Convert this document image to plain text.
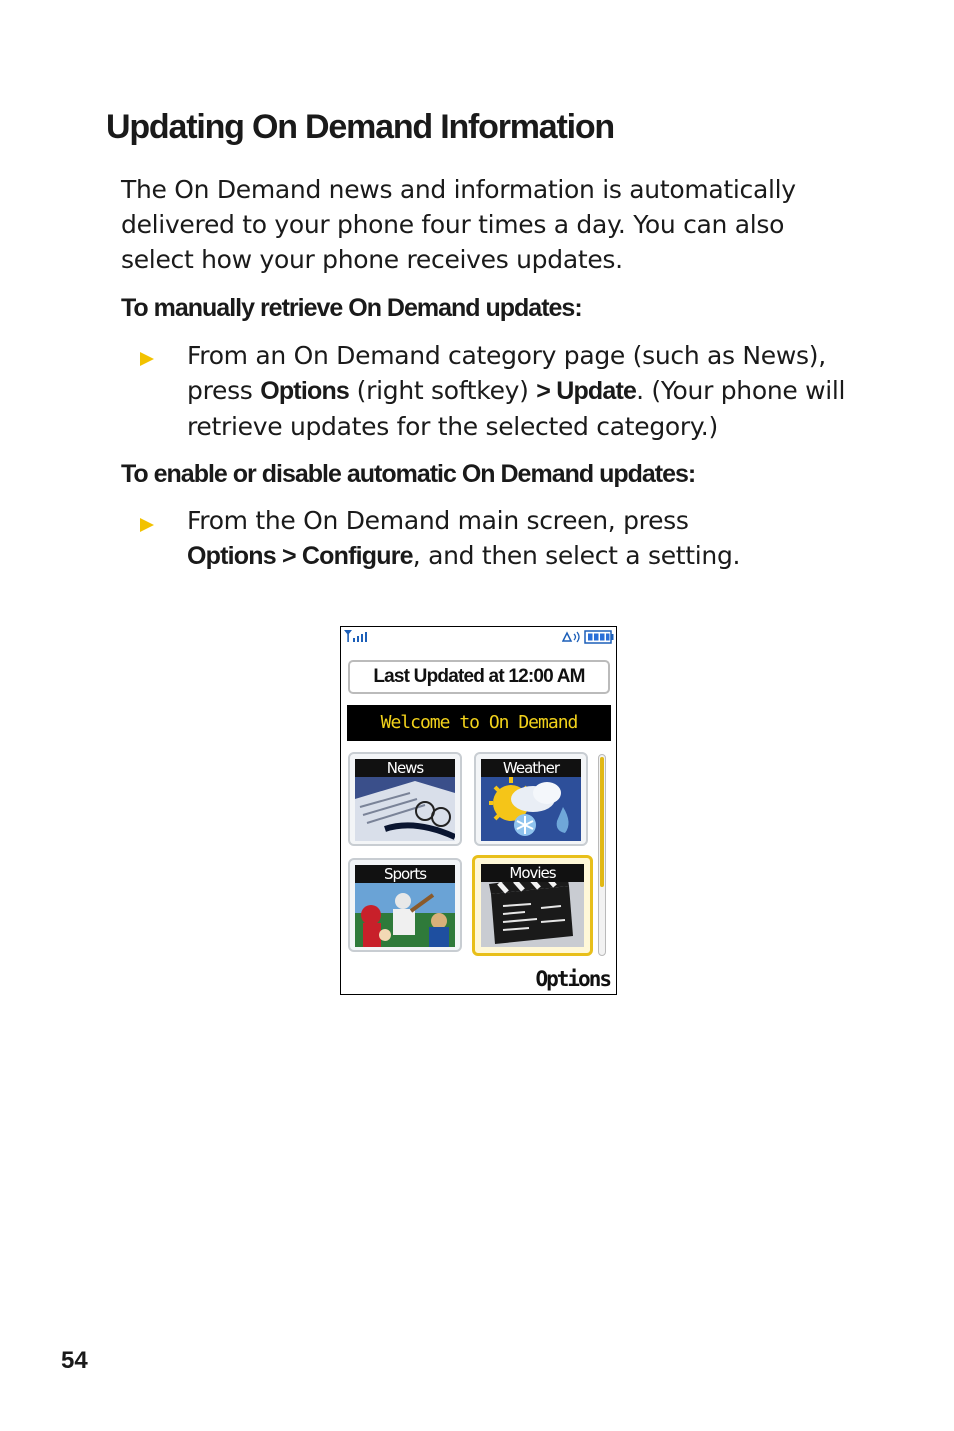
Updating On Demand Information

The On Demand news and information is automatically delivered to your phone four times a day. You can also select how your phone receives updates.

To manually retrieve On Demand updates:

From an On Demand category page (such as News), press Options (right softkey) > Update. (Your phone will retrieve updates for the selected category.)

To enable or disable automatic On Demand updates:

From the On Demand main screen, press
Options > Configure, and then select a setting.

Last Updated at 12:00 AM
Welcome to On Demand
News	Weather
Sports	Movies
Options
54
